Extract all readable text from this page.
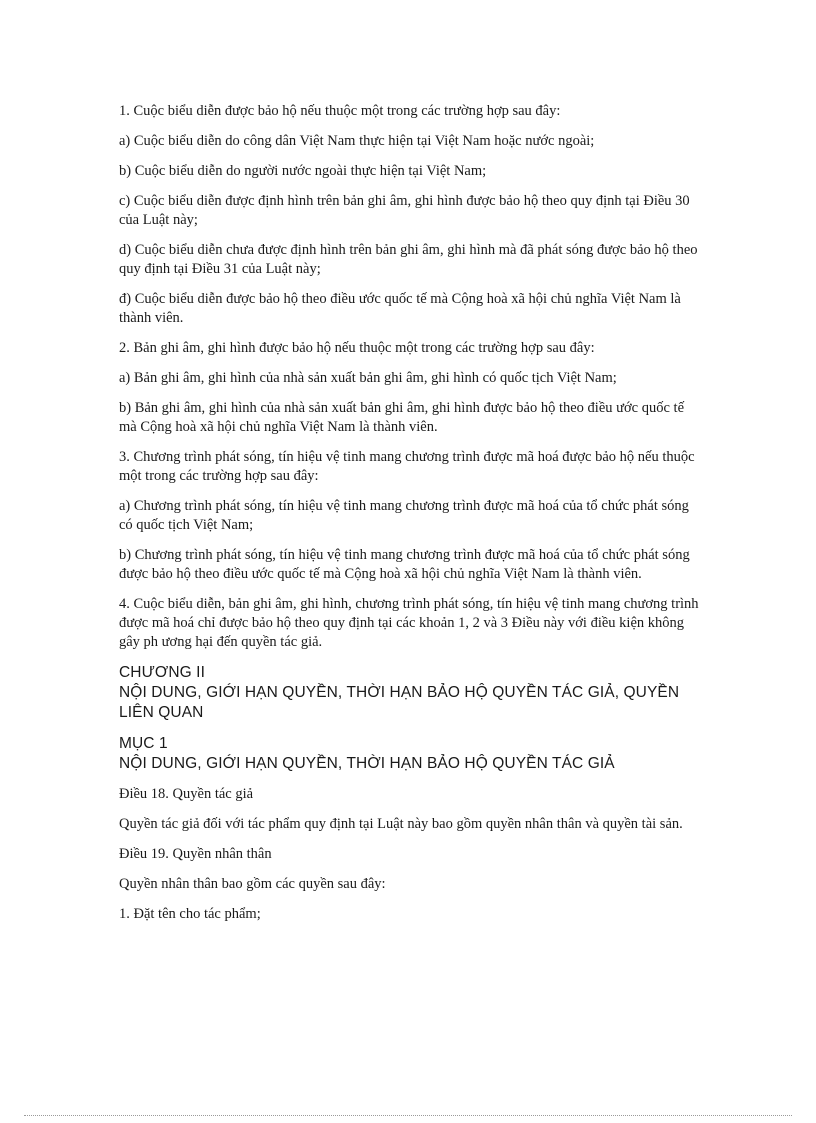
1. Cuộc biểu diễn được bảo hộ nếu thuộc một trong các trường hợp sau đây:

a) Cuộc biểu diễn do công dân Việt Nam thực hiện tại Việt Nam hoặc nước ngoài;

b) Cuộc biểu diễn do người nước ngoài thực hiện tại Việt Nam;

c) Cuộc biểu diễn được định hình trên bản ghi âm, ghi hình được bảo hộ theo quy định tại Điều 30 của Luật này;

d) Cuộc biểu diễn chưa được định hình trên bản ghi âm, ghi hình mà đã phát sóng được bảo hộ theo quy định tại Điều 31 của Luật này;

đ) Cuộc biểu diễn được bảo hộ theo điều ước quốc tế mà Cộng hoà xã hội chủ nghĩa Việt Nam là thành viên.

2. Bản ghi âm, ghi hình được bảo hộ nếu thuộc một trong các trường hợp sau đây:

a) Bản ghi âm, ghi hình của nhà sản xuất bản ghi âm, ghi hình có quốc tịch Việt Nam;

b) Bản ghi âm, ghi hình của nhà sản xuất bản ghi âm, ghi hình được bảo hộ theo điều ước quốc tế mà Cộng hoà xã hội chủ nghĩa Việt Nam là thành viên.

3. Chương trình phát sóng, tín hiệu vệ tinh mang chương trình được mã hoá được bảo hộ nếu thuộc một trong các trường hợp sau đây:

a) Chương trình phát sóng, tín hiệu vệ tinh mang chương trình được mã hoá của tổ chức phát sóng có quốc tịch Việt Nam;

b) Chương trình phát sóng, tín hiệu vệ tinh mang chương trình được mã hoá của tổ chức phát sóng được bảo hộ theo điều ước quốc tế mà Cộng hoà xã hội chủ nghĩa Việt Nam là thành viên.

4. Cuộc biểu diễn, bản ghi âm, ghi hình, chương trình phát sóng, tín hiệu vệ tinh mang chương trình được mã hoá chỉ được bảo hộ theo quy định tại các khoản 1, 2 và 3 Điều này với điều kiện không gây ph ương hại đến quyền tác giả.

CHƯƠNG II
NỘI DUNG, GIỚI HẠN QUYỀN, THỜI HẠN BẢO HỘ QUYỀN TÁC GIẢ, QUYỀN LIÊN QUAN
MỤC 1
NỘI DUNG, GIỚI HẠN QUYỀN, THỜI HẠN BẢO HỘ QUYỀN TÁC GIẢ

Điều 18. Quyền tác giả

Quyền tác giả đối với tác phẩm quy định tại Luật này bao gồm quyền nhân thân và quyền tài sản.

Điều 19. Quyền nhân thân

Quyền nhân thân bao gồm các quyền sau đây:

1. Đặt tên cho tác phẩm;
